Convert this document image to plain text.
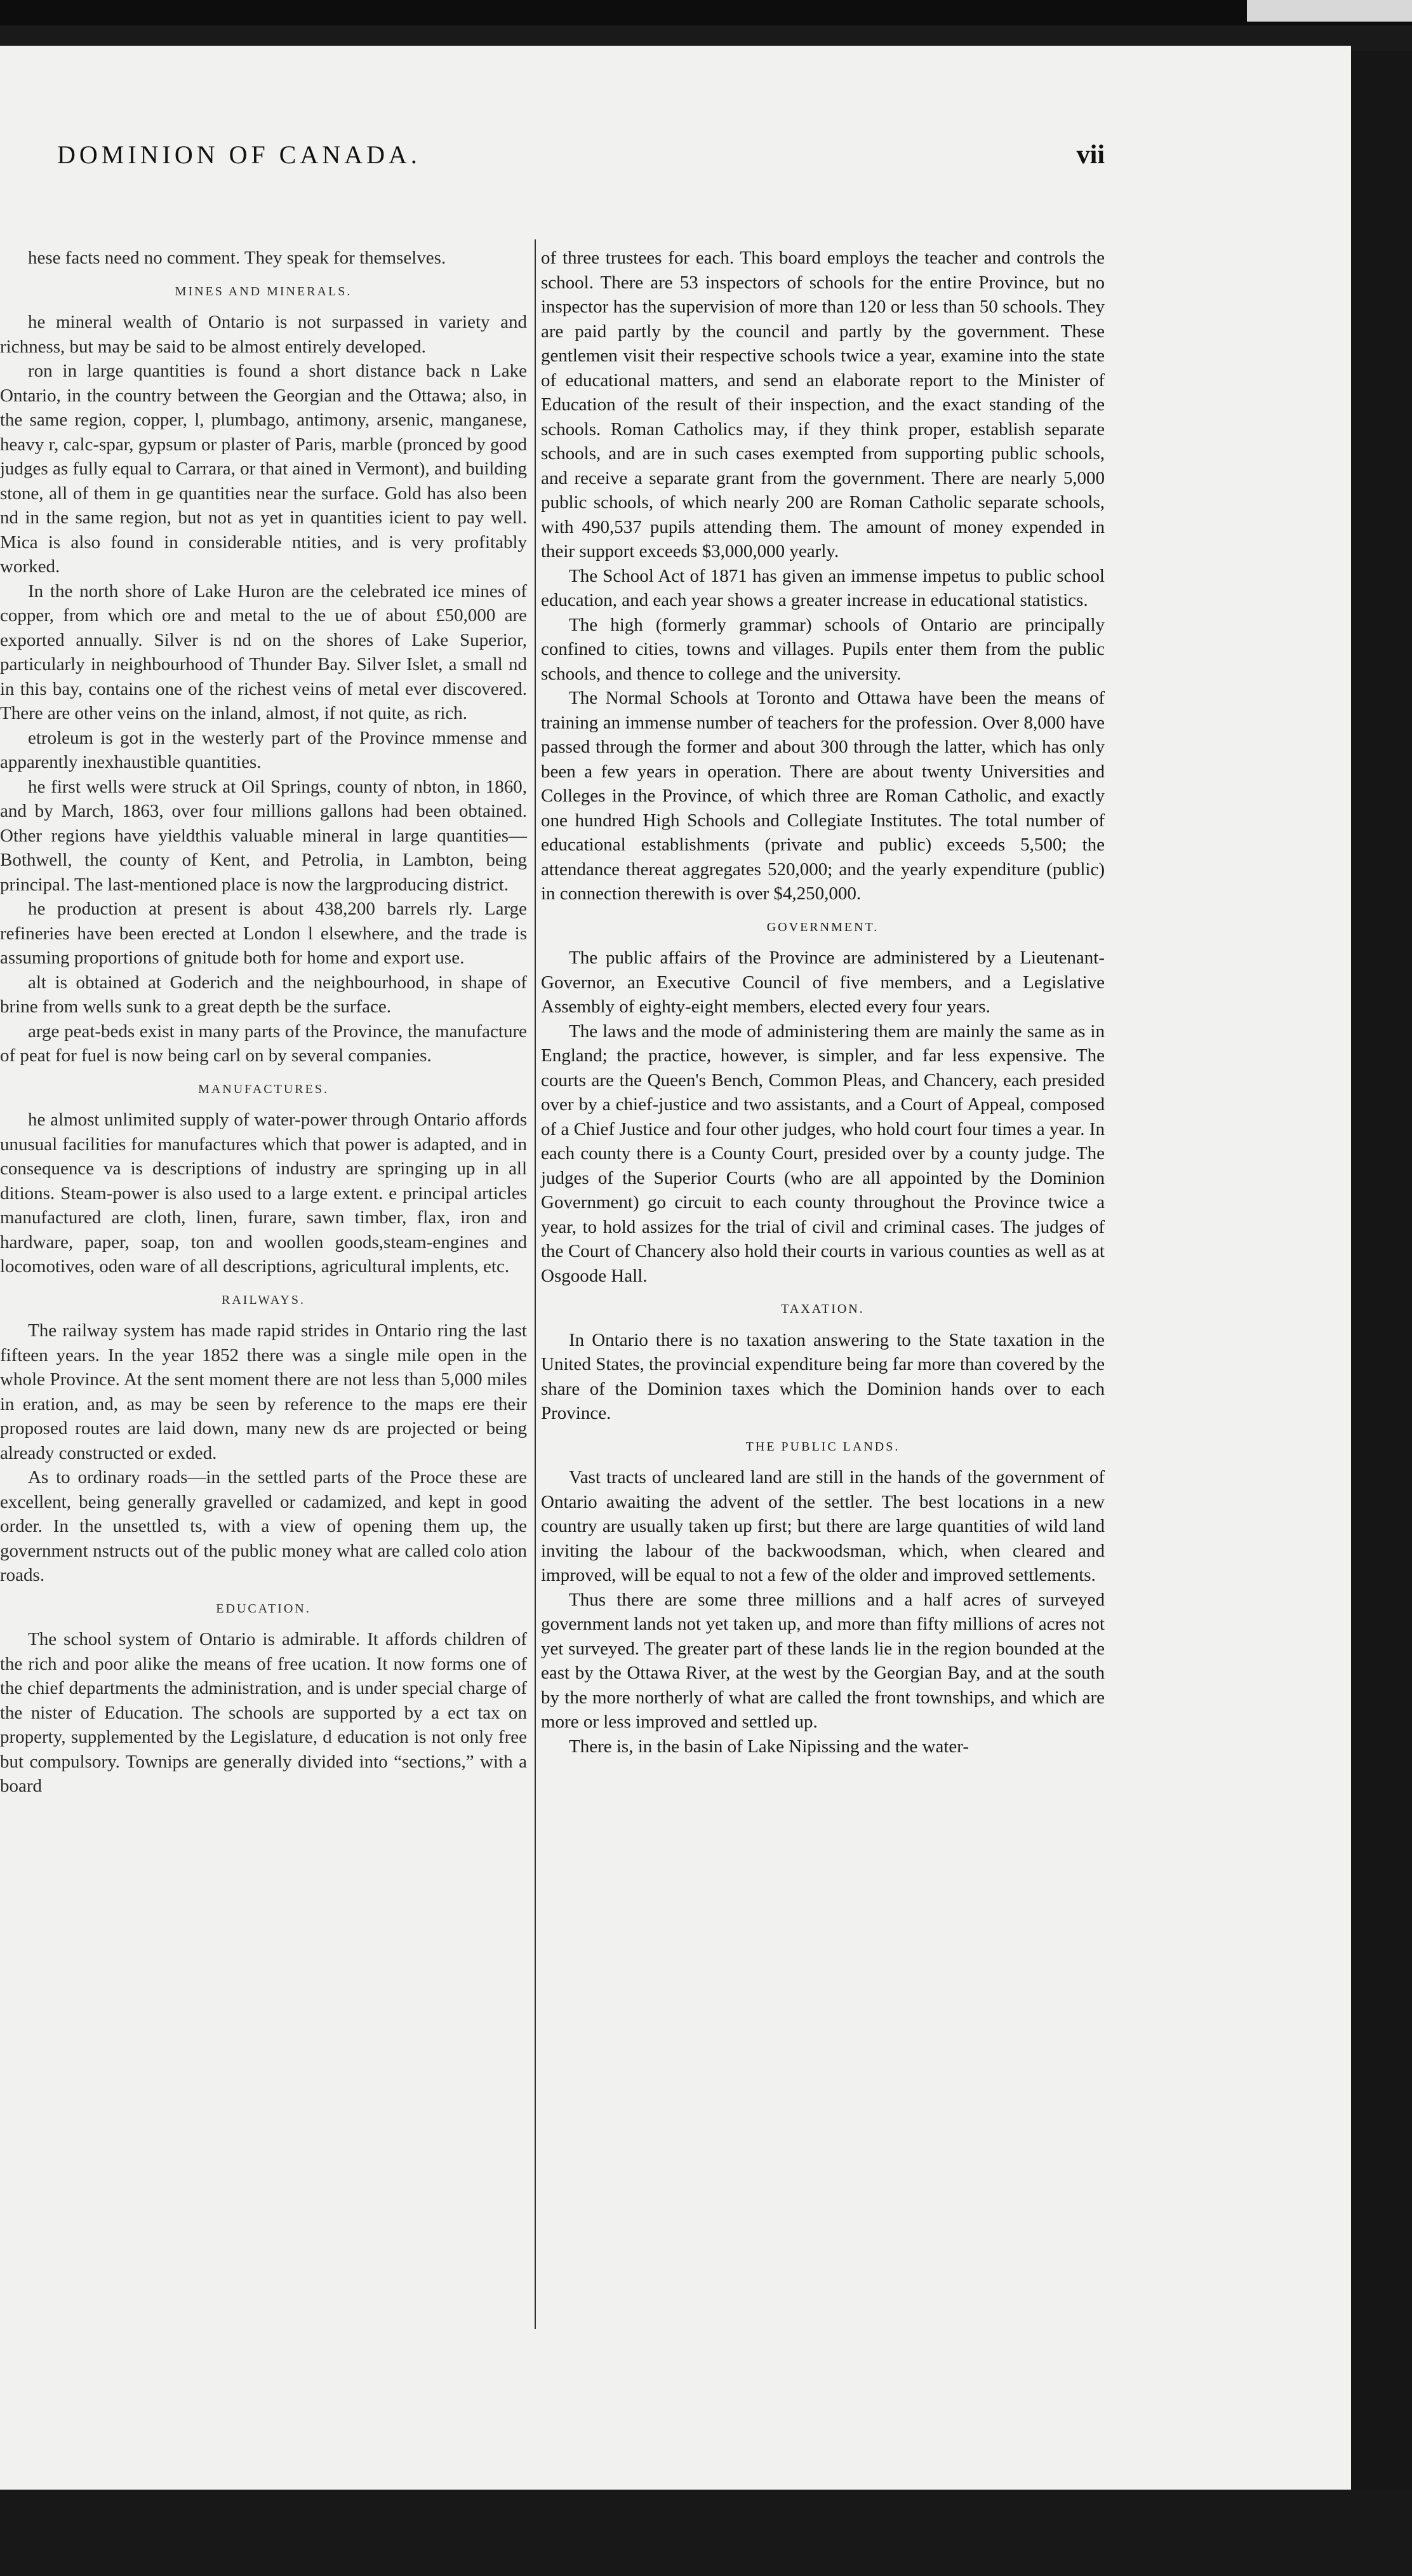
DOMINION OF CANADA.	vii

hese facts need no comment. They speak for themselves.

MINES AND MINERALS.

he mineral wealth of Ontario is not surpassed in variety and richness, but may be said to be almost entirely developed.

ron in large quantities is found a short distance back n Lake Ontario, in the country between the Georgian and the Ottawa; also, in the same region, copper, l, plumbago, antimony, arsenic, manganese, heavy r, calc-spar, gypsum or plaster of Paris, marble (pronced by good judges as fully equal to Carrara, or that ained in Vermont), and building stone, all of them in ge quantities near the surface. Gold has also been nd in the same region, but not as yet in quantities icient to pay well. Mica is also found in considerable ntities, and is very profitably worked.

In the north shore of Lake Huron are the celebrated ice mines of copper, from which ore and metal to the ue of about £50,000 are exported annually. Silver is nd on the shores of Lake Superior, particularly in neighbourhood of Thunder Bay. Silver Islet, a small nd in this bay, contains one of the richest veins of metal ever discovered. There are other veins on the inland, almost, if not quite, as rich.

etroleum is got in the westerly part of the Province mmense and apparently inexhaustible quantities.

he first wells were struck at Oil Springs, county of nbton, in 1860, and by March, 1863, over four millions gallons had been obtained. Other regions have yieldthis valuable mineral in large quantities—Bothwell, the county of Kent, and Petrolia, in Lambton, being principal. The last-mentioned place is now the largproducing district.

he production at present is about 438,200 barrels rly. Large refineries have been erected at London l elsewhere, and the trade is assuming proportions of gnitude both for home and export use.

alt is obtained at Goderich and the neighbourhood, in shape of brine from wells sunk to a great depth be the surface.

arge peat-beds exist in many parts of the Province, the manufacture of peat for fuel is now being carl on by several companies.

MANUFACTURES.

he almost unlimited supply of water-power through Ontario affords unusual facilities for manufactures which that power is adapted, and in consequence va is descriptions of industry are springing up in all ditions. Steam-power is also used to a large extent. e principal articles manufactured are cloth, linen, furare, sawn timber, flax, iron and hardware, paper, soap, ton and woollen goods,steam-engines and locomotives, oden ware of all descriptions, agricultural implents, etc.

RAILWAYS.

The railway system has made rapid strides in Ontario ring the last fifteen years. In the year 1852 there was a single mile open in the whole Province. At the sent moment there are not less than 5,000 miles in eration, and, as may be seen by reference to the maps ere their proposed routes are laid down, many new ds are projected or being already constructed or exded.

As to ordinary roads—in the settled parts of the Proce these are excellent, being generally gravelled or cadamized, and kept in good order. In the unsettled ts, with a view of opening them up, the government nstructs out of the public money what are called colo ation roads.

EDUCATION.

The school system of Ontario is admirable. It affords children of the rich and poor alike the means of free ucation. It now forms one of the chief departments the administration, and is under special charge of the nister of Education. The schools are supported by a ect tax on property, supplemented by the Legislature, d education is not only free but compulsory. Townips are generally divided into “sections,” with a board

of three trustees for each. This board employs the teacher and controls the school. There are 53 inspectors of schools for the entire Province, but no inspector has the supervision of more than 120 or less than 50 schools. They are paid partly by the council and partly by the government. These gentlemen visit their respective schools twice a year, examine into the state of educational matters, and send an elaborate report to the Minister of Education of the result of their inspection, and the exact standing of the schools. Roman Catholics may, if they think proper, establish separate schools, and are in such cases exempted from supporting public schools, and receive a separate grant from the government. There are nearly 5,000 public schools, of which nearly 200 are Roman Catholic separate schools, with 490,537 pupils attending them. The amount of money expended in their support exceeds $3,000,000 yearly.

The School Act of 1871 has given an immense impetus to public school education, and each year shows a greater increase in educational statistics.

The high (formerly grammar) schools of Ontario are principally confined to cities, towns and villages. Pupils enter them from the public schools, and thence to college and the university.

The Normal Schools at Toronto and Ottawa have been the means of training an immense number of teachers for the profession. Over 8,000 have passed through the former and about 300 through the latter, which has only been a few years in operation. There are about twenty Universities and Colleges in the Province, of which three are Roman Catholic, and exactly one hundred High Schools and Collegiate Institutes. The total number of educational establishments (private and public) exceeds 5,500; the attendance thereat aggregates 520,000; and the yearly expenditure (public) in connection therewith is over $4,250,000.

GOVERNMENT.

The public affairs of the Province are administered by a Lieutenant-Governor, an Executive Council of five members, and a Legislative Assembly of eighty-eight members, elected every four years.

The laws and the mode of administering them are mainly the same as in England; the practice, however, is simpler, and far less expensive. The courts are the Queen's Bench, Common Pleas, and Chancery, each presided over by a chief-justice and two assistants, and a Court of Appeal, composed of a Chief Justice and four other judges, who hold court four times a year. In each county there is a County Court, presided over by a county judge. The judges of the Superior Courts (who are all appointed by the Dominion Government) go circuit to each county throughout the Province twice a year, to hold assizes for the trial of civil and criminal cases. The judges of the Court of Chancery also hold their courts in various counties as well as at Osgoode Hall.

TAXATION.

In Ontario there is no taxation answering to the State taxation in the United States, the provincial expenditure being far more than covered by the share of the Dominion taxes which the Dominion hands over to each Province.

THE PUBLIC LANDS.

Vast tracts of uncleared land are still in the hands of the government of Ontario awaiting the advent of the settler. The best locations in a new country are usually taken up first; but there are large quantities of wild land inviting the labour of the backwoodsman, which, when cleared and improved, will be equal to not a few of the older and improved settlements.

Thus there are some three millions and a half acres of surveyed government lands not yet taken up, and more than fifty millions of acres not yet surveyed. The greater part of these lands lie in the region bounded at the east by the Ottawa River, at the west by the Georgian Bay, and at the south by the more northerly of what are called the front townships, and which are more or less improved and settled up.

There is, in the basin of Lake Nipissing and the water-
